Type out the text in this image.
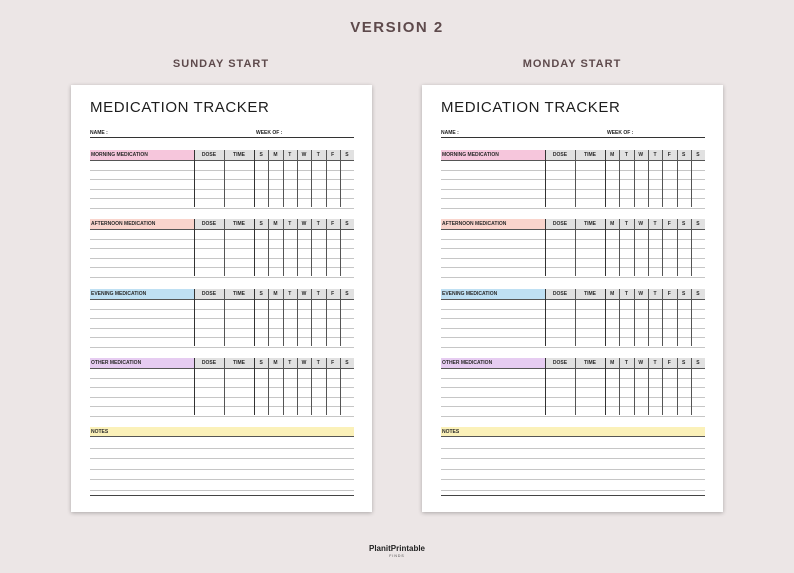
VERSION 2
SUNDAY START	MONDAY START
MEDICATION TRACKER
NAME :	WEEK OF :
MORNING MEDICATION	DOSE	TIME	S	M	T	W	T	F	S
AFTERNOON MEDICATION	DOSE	TIME	S	M	T	W	T	F	S
EVENING MEDICATION	DOSE	TIME	S	M	T	W	T	F	S
OTHER MEDICATION	DOSE	TIME	S	M	T	W	T	F	S
NOTES
MEDICATION TRACKER
NAME :	WEEK OF :
MORNING MEDICATION	DOSE	TIME	M	T	W	T	F	S	S
AFTERNOON MEDICATION	DOSE	TIME	M	T	W	T	F	S	S
EVENING MEDICATION	DOSE	TIME	M	T	W	T	F	S	S
OTHER MEDICATION	DOSE	TIME	M	T	W	T	F	S	S
NOTES
PlanitPrintable
FINDS
